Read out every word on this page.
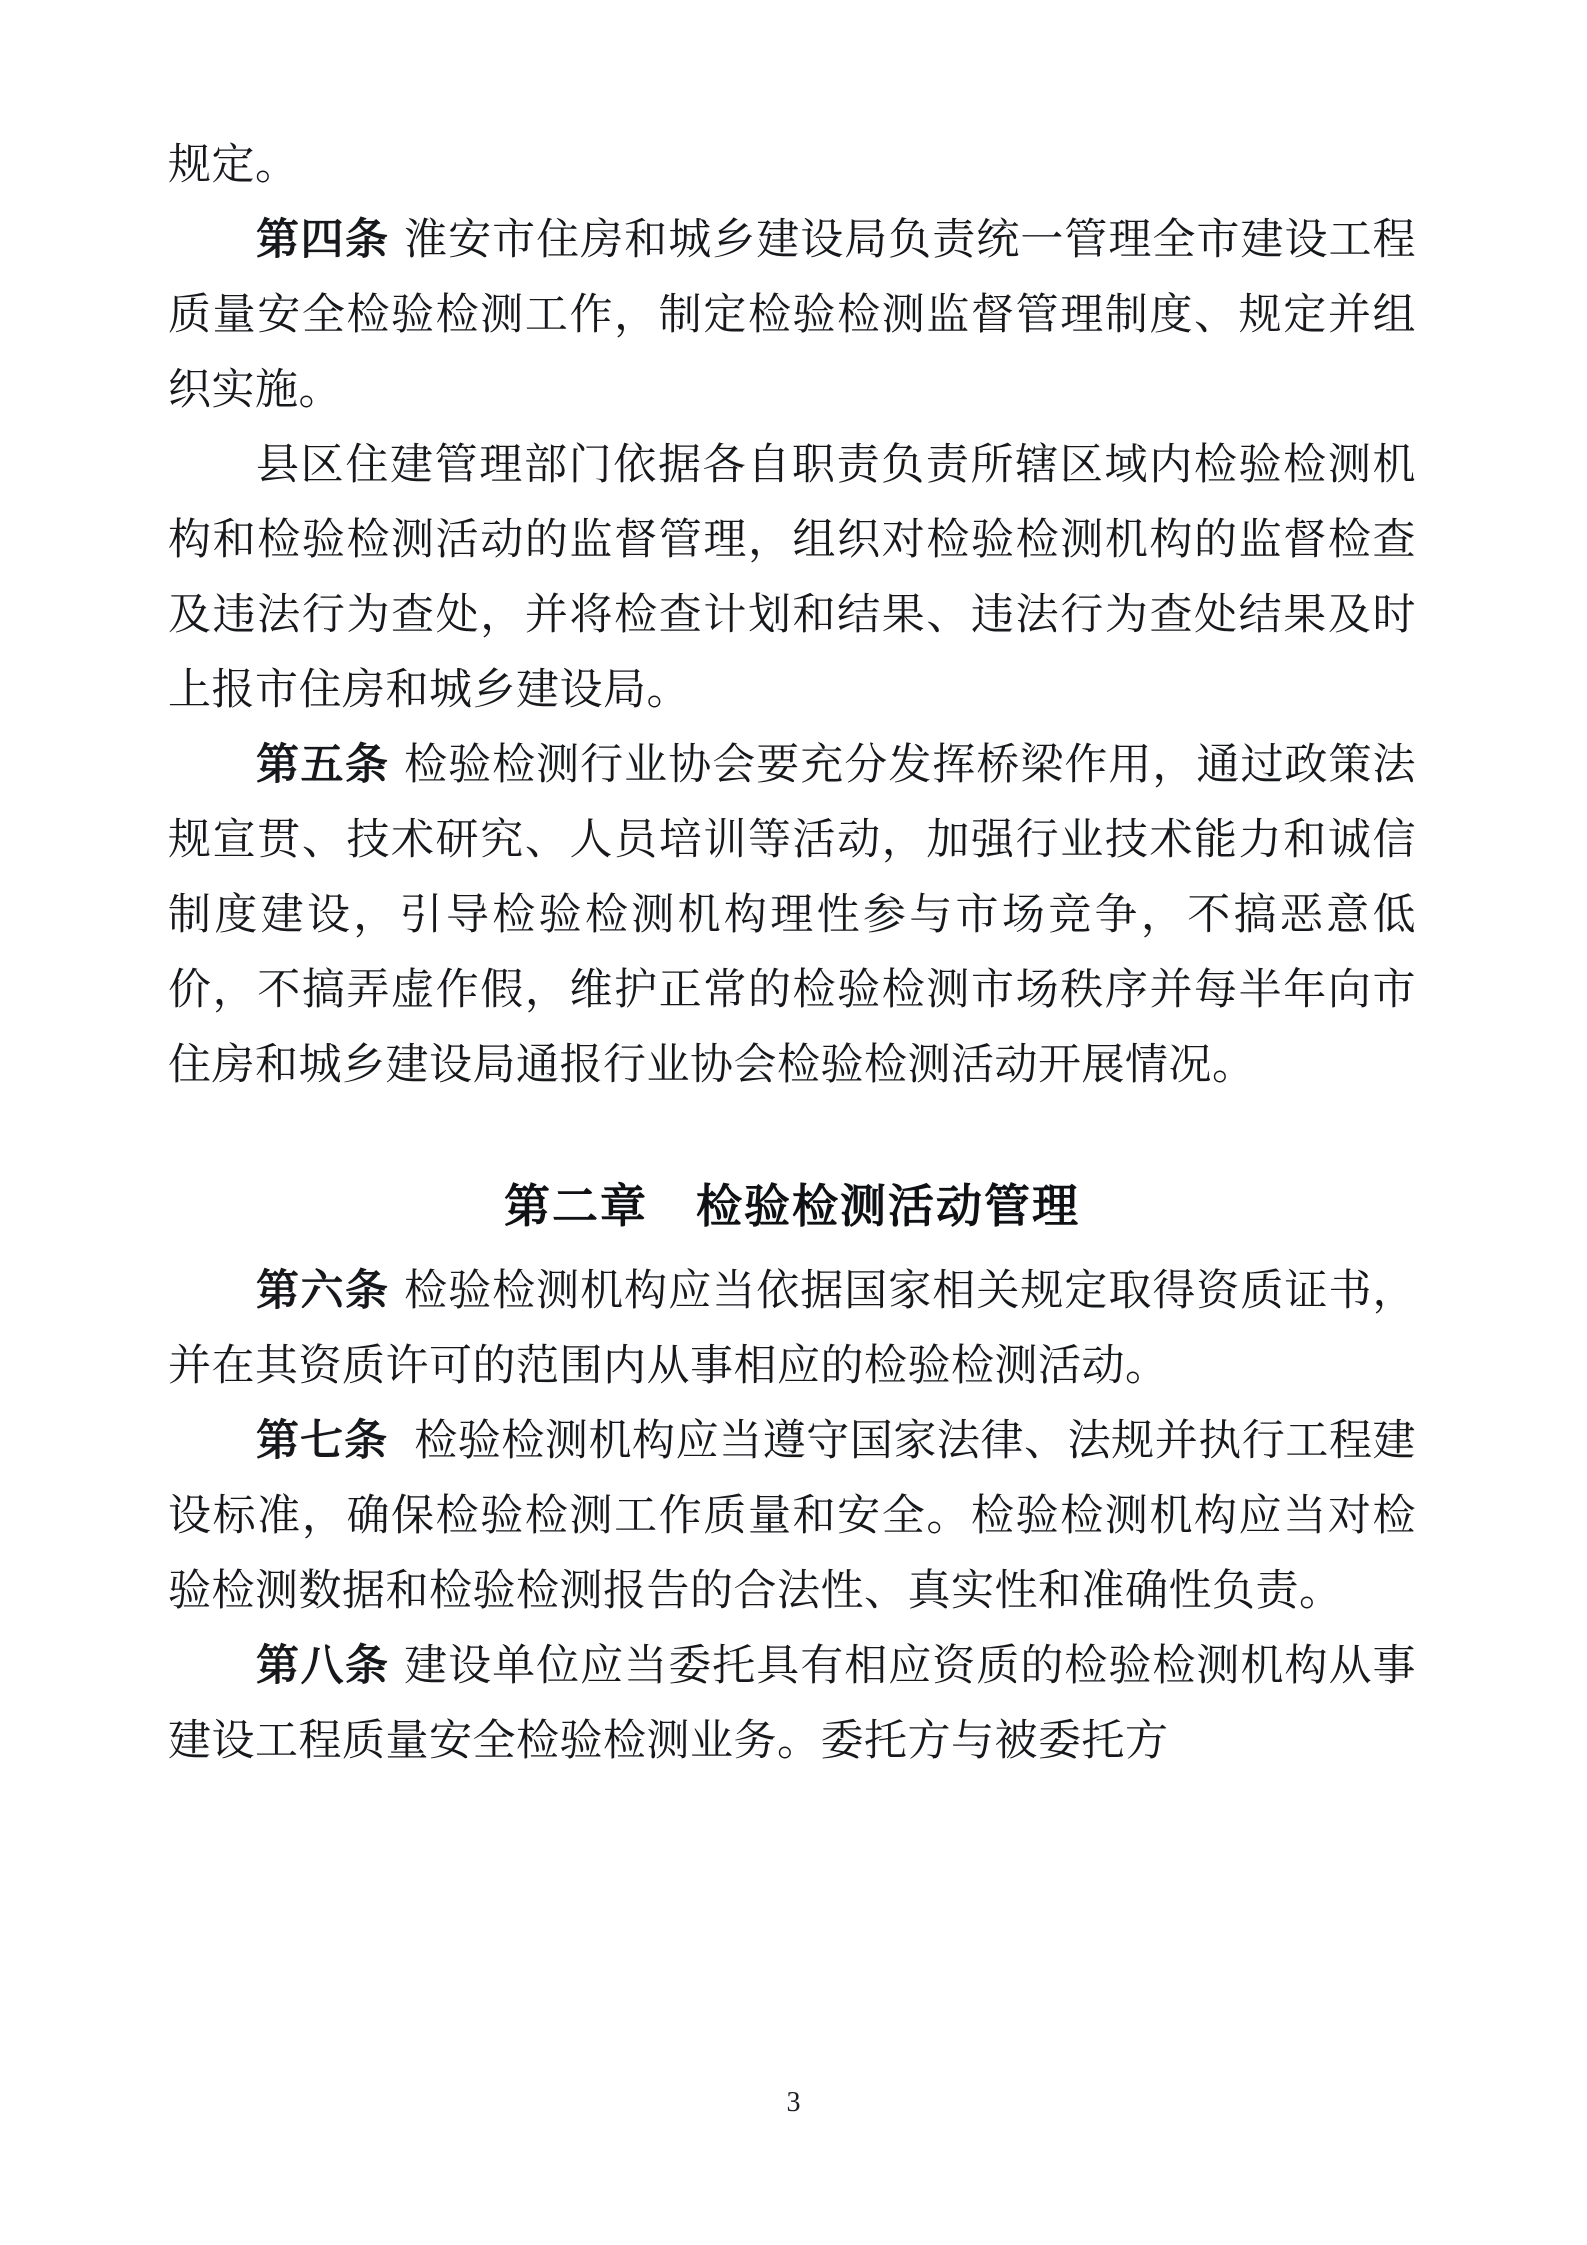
规定。

第四条 淮安市住房和城乡建设局负责统一管理全市建设工程质量安全检验检测工作，制定检验检测监督管理制度、规定并组织实施。

县区住建管理部门依据各自职责负责所辖区域内检验检测机构和检验检测活动的监督管理，组织对检验检测机构的监督检查及违法行为查处，并将检查计划和结果、违法行为查处结果及时上报市住房和城乡建设局。

第五条 检验检测行业协会要充分发挥桥梁作用，通过政策法规宣贯、技术研究、人员培训等活动，加强行业技术能力和诚信制度建设，引导检验检测机构理性参与市场竞争，不搞恶意低价，不搞弄虚作假，维护正常的检验检测市场秩序并每半年向市住房和城乡建设局通报行业协会检验检测活动开展情况。

第二章　检验检测活动管理

第六条 检验检测机构应当依据国家相关规定取得资质证书，并在其资质许可的范围内从事相应的检验检测活动。

第七条 检验检测机构应当遵守国家法律、法规并执行工程建设标准，确保检验检测工作质量和安全。检验检测机构应当对检验检测数据和检验检测报告的合法性、真实性和准确性负责。

第八条 建设单位应当委托具有相应资质的检验检测机构从事建设工程质量安全检验检测业务。委托方与被委托方

3
